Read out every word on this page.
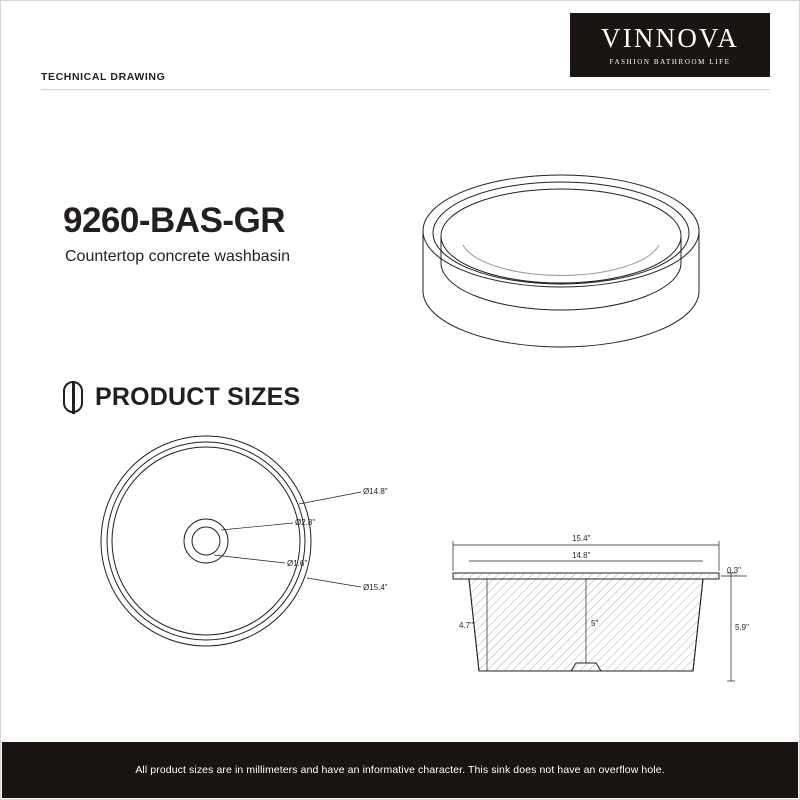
VINNOVA
FASHION BATHROOM LIFE
TECHNICAL DRAWING
9260-BAS-GR
Countertop concrete washbasin
PRODUCT SIZES
Ø2.8"
Ø1.6"
Ø14.8"
Ø15.4"
15.4"
14.8"
0.3"
4.7"	5"	5.9"
All product sizes are in millimeters and have an informative character. This sink does not have an overflow hole.
